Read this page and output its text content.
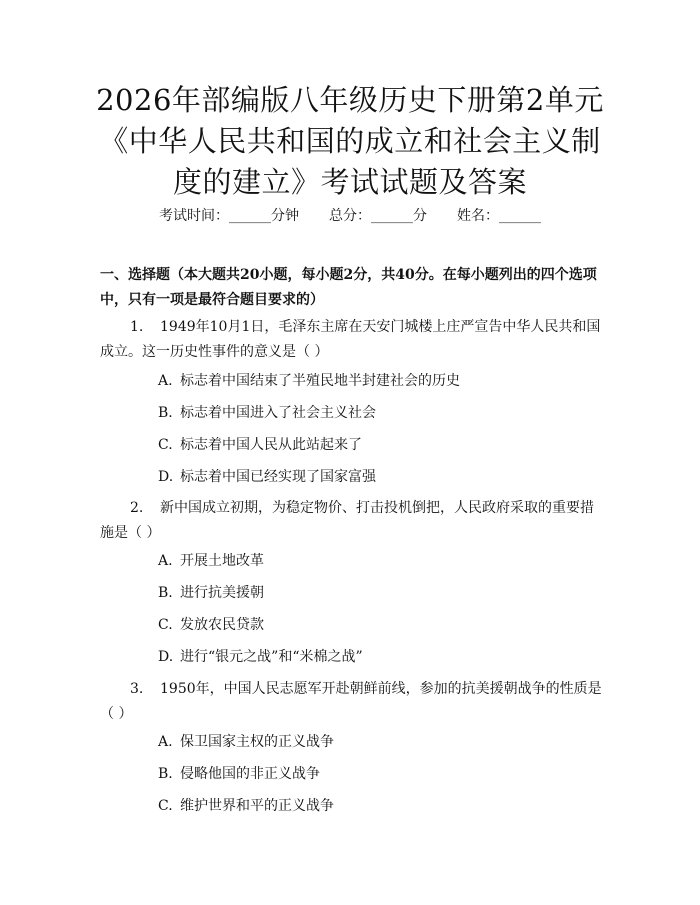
2026年部编版八年级历史下册第2单元《中华人民共和国的成立和社会主义制度的建立》考试试题及答案
考试时间：______分钟 总分：______分 姓名：______
一、选择题（本大题共20小题，每小题2分，共40分。在每小题列出的四个选项中，只有一项是最符合题目要求的）
1. 1949年10月1日，毛泽东主席在天安门城楼上庄严宣告中华人民共和国成立。这一历史性事件的意义是（ ）
A. 标志着中国结束了半殖民地半封建社会的历史
B. 标志着中国进入了社会主义社会
C. 标志着中国人民从此站起来了
D. 标志着中国已经实现了国家富强
2. 新中国成立初期，为稳定物价、打击投机倒把，人民政府采取的重要措施是（ ）
A. 开展土地改革
B. 进行抗美援朝
C. 发放农民贷款
D. 进行“银元之战”和“米棉之战”
3. 1950年，中国人民志愿军开赴朝鲜前线，参加的抗美援朝战争的性质是（ ）
A. 保卫国家主权的正义战争
B. 侵略他国的非正义战争
C. 维护世界和平的正义战争
